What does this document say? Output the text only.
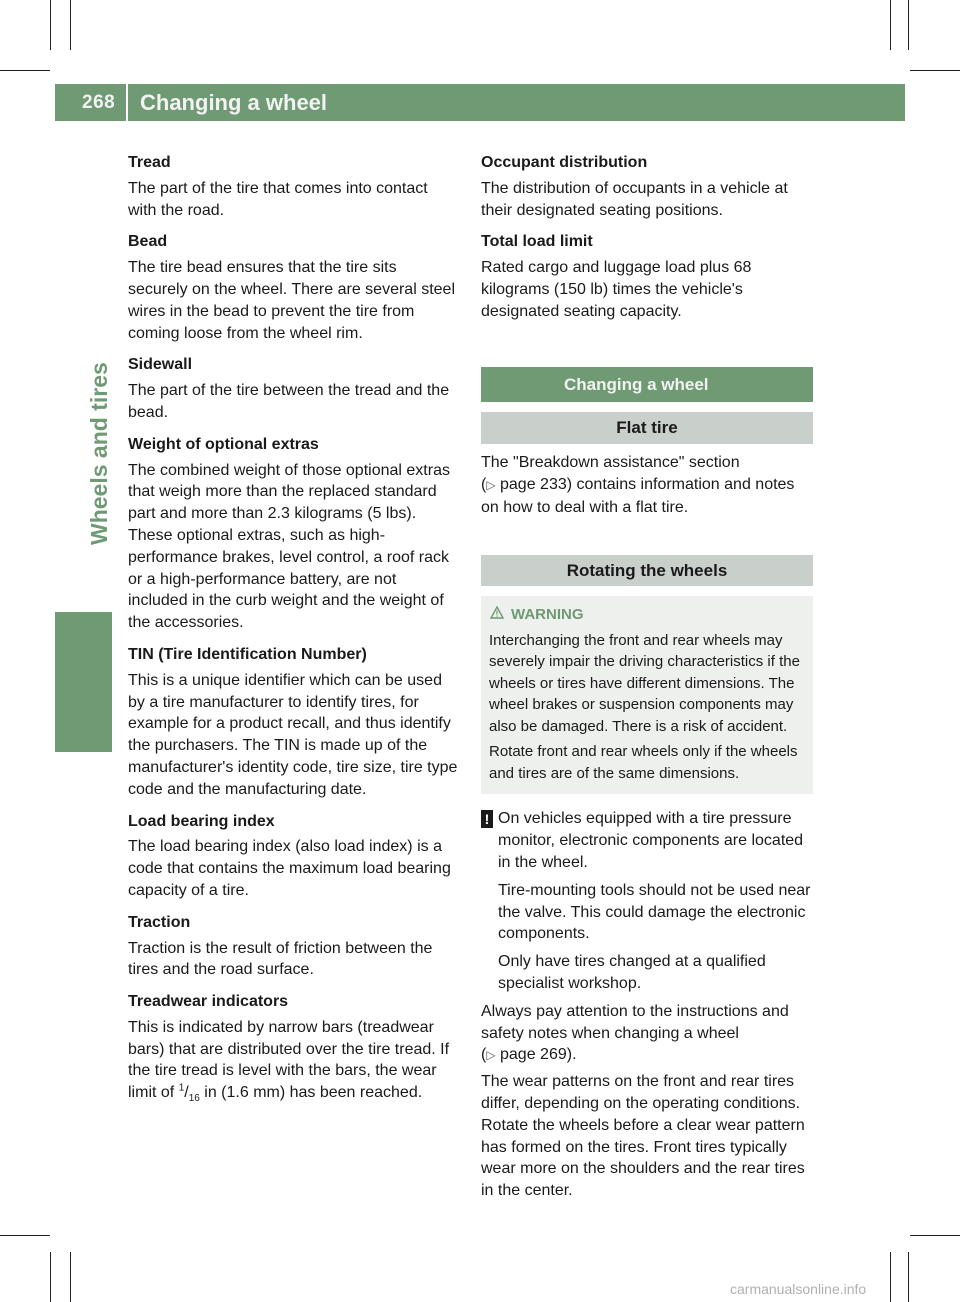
268 Changing a wheel
Wheels and tires
Tread

The part of the tire that comes into contact with the road.

Bead

The tire bead ensures that the tire sits securely on the wheel. There are several steel wires in the bead to prevent the tire from coming loose from the wheel rim.

Sidewall

The part of the tire between the tread and the bead.

Weight of optional extras

The combined weight of those optional extras that weigh more than the replaced standard part and more than 2.3 kilograms (5 lbs). These optional extras, such as high-performance brakes, level control, a roof rack or a high-performance battery, are not included in the curb weight and the weight of the accessories.

TIN (Tire Identification Number)

This is a unique identifier which can be used by a tire manufacturer to identify tires, for example for a product recall, and thus identify the purchasers. The TIN is made up of the manufacturer's identity code, tire size, tire type code and the manufacturing date.

Load bearing index

The load bearing index (also load index) is a code that contains the maximum load bearing capacity of a tire.

Traction

Traction is the result of friction between the tires and the road surface.

Treadwear indicators

This is indicated by narrow bars (treadwear bars) that are distributed over the tire tread. If the tire tread is level with the bars, the wear limit of $^1/_{16}$ in (1.6 mm) has been reached.

Occupant distribution

The distribution of occupants in a vehicle at their designated seating positions.

Total load limit

Rated cargo and luggage load plus 68 kilograms (150 lb) times the vehicle's designated seating capacity.

Changing a wheel
Flat tire

The "Breakdown assistance" section
(▷ page 233) contains information and notes on how to deal with a flat tire.

Rotating the wheels
WARNING

Interchanging the front and rear wheels may severely impair the driving characteristics if the wheels or tires have different dimensions. The wheel brakes or suspension components may also be damaged. There is a risk of accident.

Rotate front and rear wheels only if the wheels and tires are of the same dimensions.

! On vehicles equipped with a tire pressure monitor, electronic components are located in the wheel.

Tire-mounting tools should not be used near the valve. This could damage the electronic components.

Only have tires changed at a qualified specialist workshop.

Always pay attention to the instructions and safety notes when changing a wheel
(▷ page 269).

The wear patterns on the front and rear tires differ, depending on the operating conditions. Rotate the wheels before a clear wear pattern has formed on the tires. Front tires typically wear more on the shoulders and the rear tires in the center.

carmanualsonline.info
